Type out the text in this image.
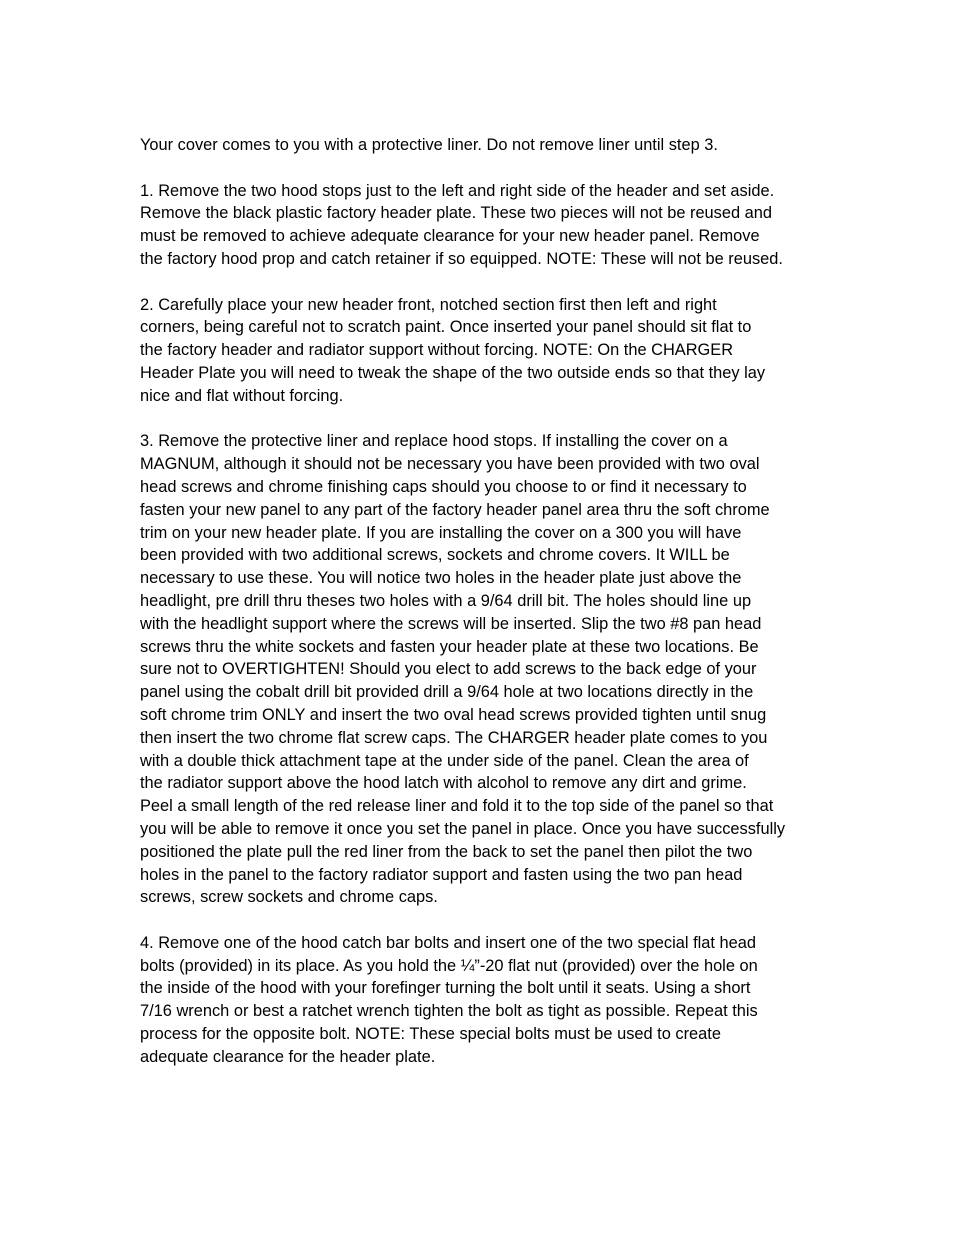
Your cover comes to you with a protective liner. Do not remove liner until step 3.

1. Remove the two hood stops just to the left and right side of the header and set aside.
Remove the black plastic factory header plate. These two pieces will not be reused and
must be removed to achieve adequate clearance for your new header panel. Remove
the factory hood prop and catch retainer if so equipped. NOTE: These will not be reused.

2. Carefully place your new header front, notched section first then left and right
corners, being careful not to scratch paint. Once inserted your panel should sit flat to
the factory header and radiator support without forcing. NOTE: On the CHARGER
Header Plate you will need to tweak the shape of the two outside ends so that they lay
nice and flat without forcing.

3. Remove the protective liner and replace hood stops. If installing the cover on a
MAGNUM, although it should not be necessary you have been provided with two oval
head screws and chrome finishing caps should you choose to or find it necessary to
fasten your new panel to any part of the factory header panel area thru the soft chrome
trim on your new header plate. If you are installing the cover on a 300 you will have
been provided with two additional screws, sockets and chrome covers. It WILL be
necessary to use these. You will notice two holes in the header plate just above the
headlight, pre drill thru theses two holes with a 9/64 drill bit. The holes should line up
with the headlight support where the screws will be inserted. Slip the two #8 pan head
screws thru the white sockets and fasten your header plate at these two locations. Be
sure not to OVERTIGHTEN! Should you elect to add screws to the back edge of your
panel using the cobalt drill bit provided drill a 9/64 hole at two locations directly in the
soft chrome trim ONLY and insert the two oval head screws provided tighten until snug
then insert the two chrome flat screw caps. The CHARGER header plate comes to you
with a double thick attachment tape at the under side of the panel. Clean the area of
the radiator support above the hood latch with alcohol to remove any dirt and grime.
Peel a small length of the red release liner and fold it to the top side of the panel so that
you will be able to remove it once you set the panel in place. Once you have successfully
positioned the plate pull the red liner from the back to set the panel then pilot the two
holes in the panel to the factory radiator support and fasten using the two pan head
screws, screw sockets and chrome caps.

4. Remove one of the hood catch bar bolts and insert one of the two special flat head
bolts (provided) in its place. As you hold the ¼”-20 flat nut (provided) over the hole on
the inside of the hood with your forefinger turning the bolt until it seats. Using a short
7/16 wrench or best a ratchet wrench tighten the bolt as tight as possible. Repeat this
process for the opposite bolt. NOTE: These special bolts must be used to create
adequate clearance for the header plate.
